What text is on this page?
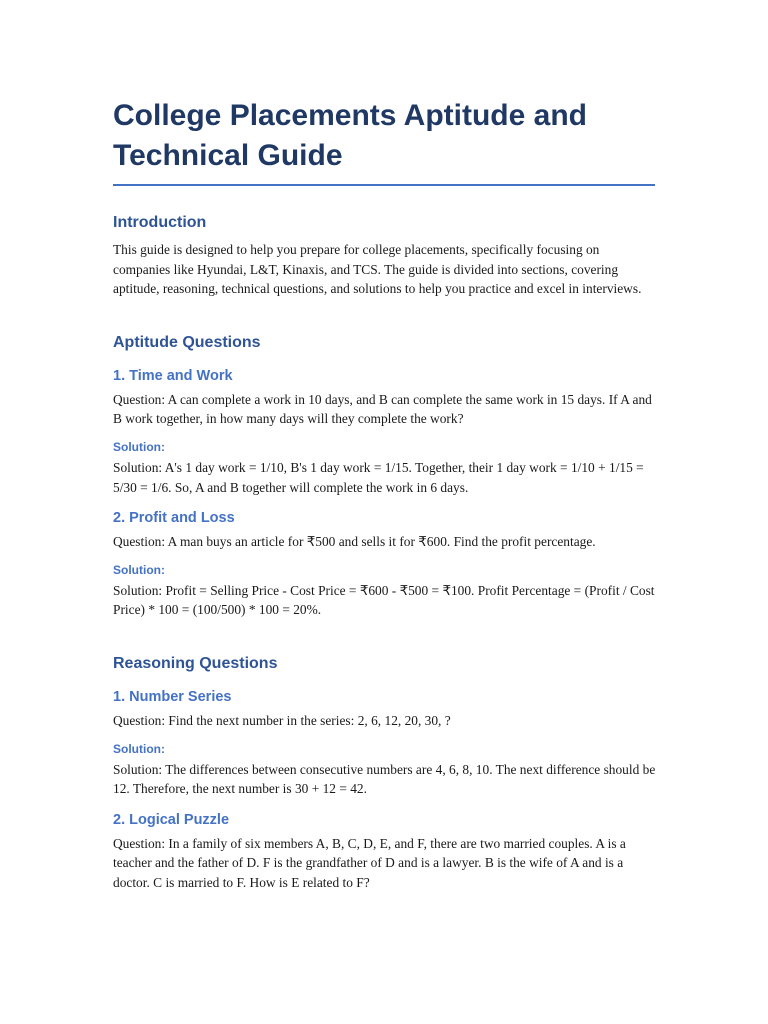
College Placements Aptitude and Technical Guide
Introduction

This guide is designed to help you prepare for college placements, specifically focusing on companies like Hyundai, L&T, Kinaxis, and TCS. The guide is divided into sections, covering aptitude, reasoning, technical questions, and solutions to help you practice and excel in interviews.

Aptitude Questions
1. Time and Work

Question: A can complete a work in 10 days, and B can complete the same work in 15 days. If A and B work together, in how many days will they complete the work?

Solution:

Solution: A's 1 day work = 1/10, B's 1 day work = 1/15. Together, their 1 day work = 1/10 + 1/15 = 5/30 = 1/6. So, A and B together will complete the work in 6 days.

2. Profit and Loss

Question: A man buys an article for ₹500 and sells it for ₹600. Find the profit percentage.

Solution:

Solution: Profit = Selling Price - Cost Price = ₹600 - ₹500 = ₹100. Profit Percentage = (Profit / Cost Price) * 100 = (100/500) * 100 = 20%.

Reasoning Questions
1. Number Series

Question: Find the next number in the series: 2, 6, 12, 20, 30, ?

Solution:

Solution: The differences between consecutive numbers are 4, 6, 8, 10. The next difference should be 12. Therefore, the next number is 30 + 12 = 42.

2. Logical Puzzle

Question: In a family of six members A, B, C, D, E, and F, there are two married couples. A is a teacher and the father of D. F is the grandfather of D and is a lawyer. B is the wife of A and is a doctor. C is married to F. How is E related to F?
